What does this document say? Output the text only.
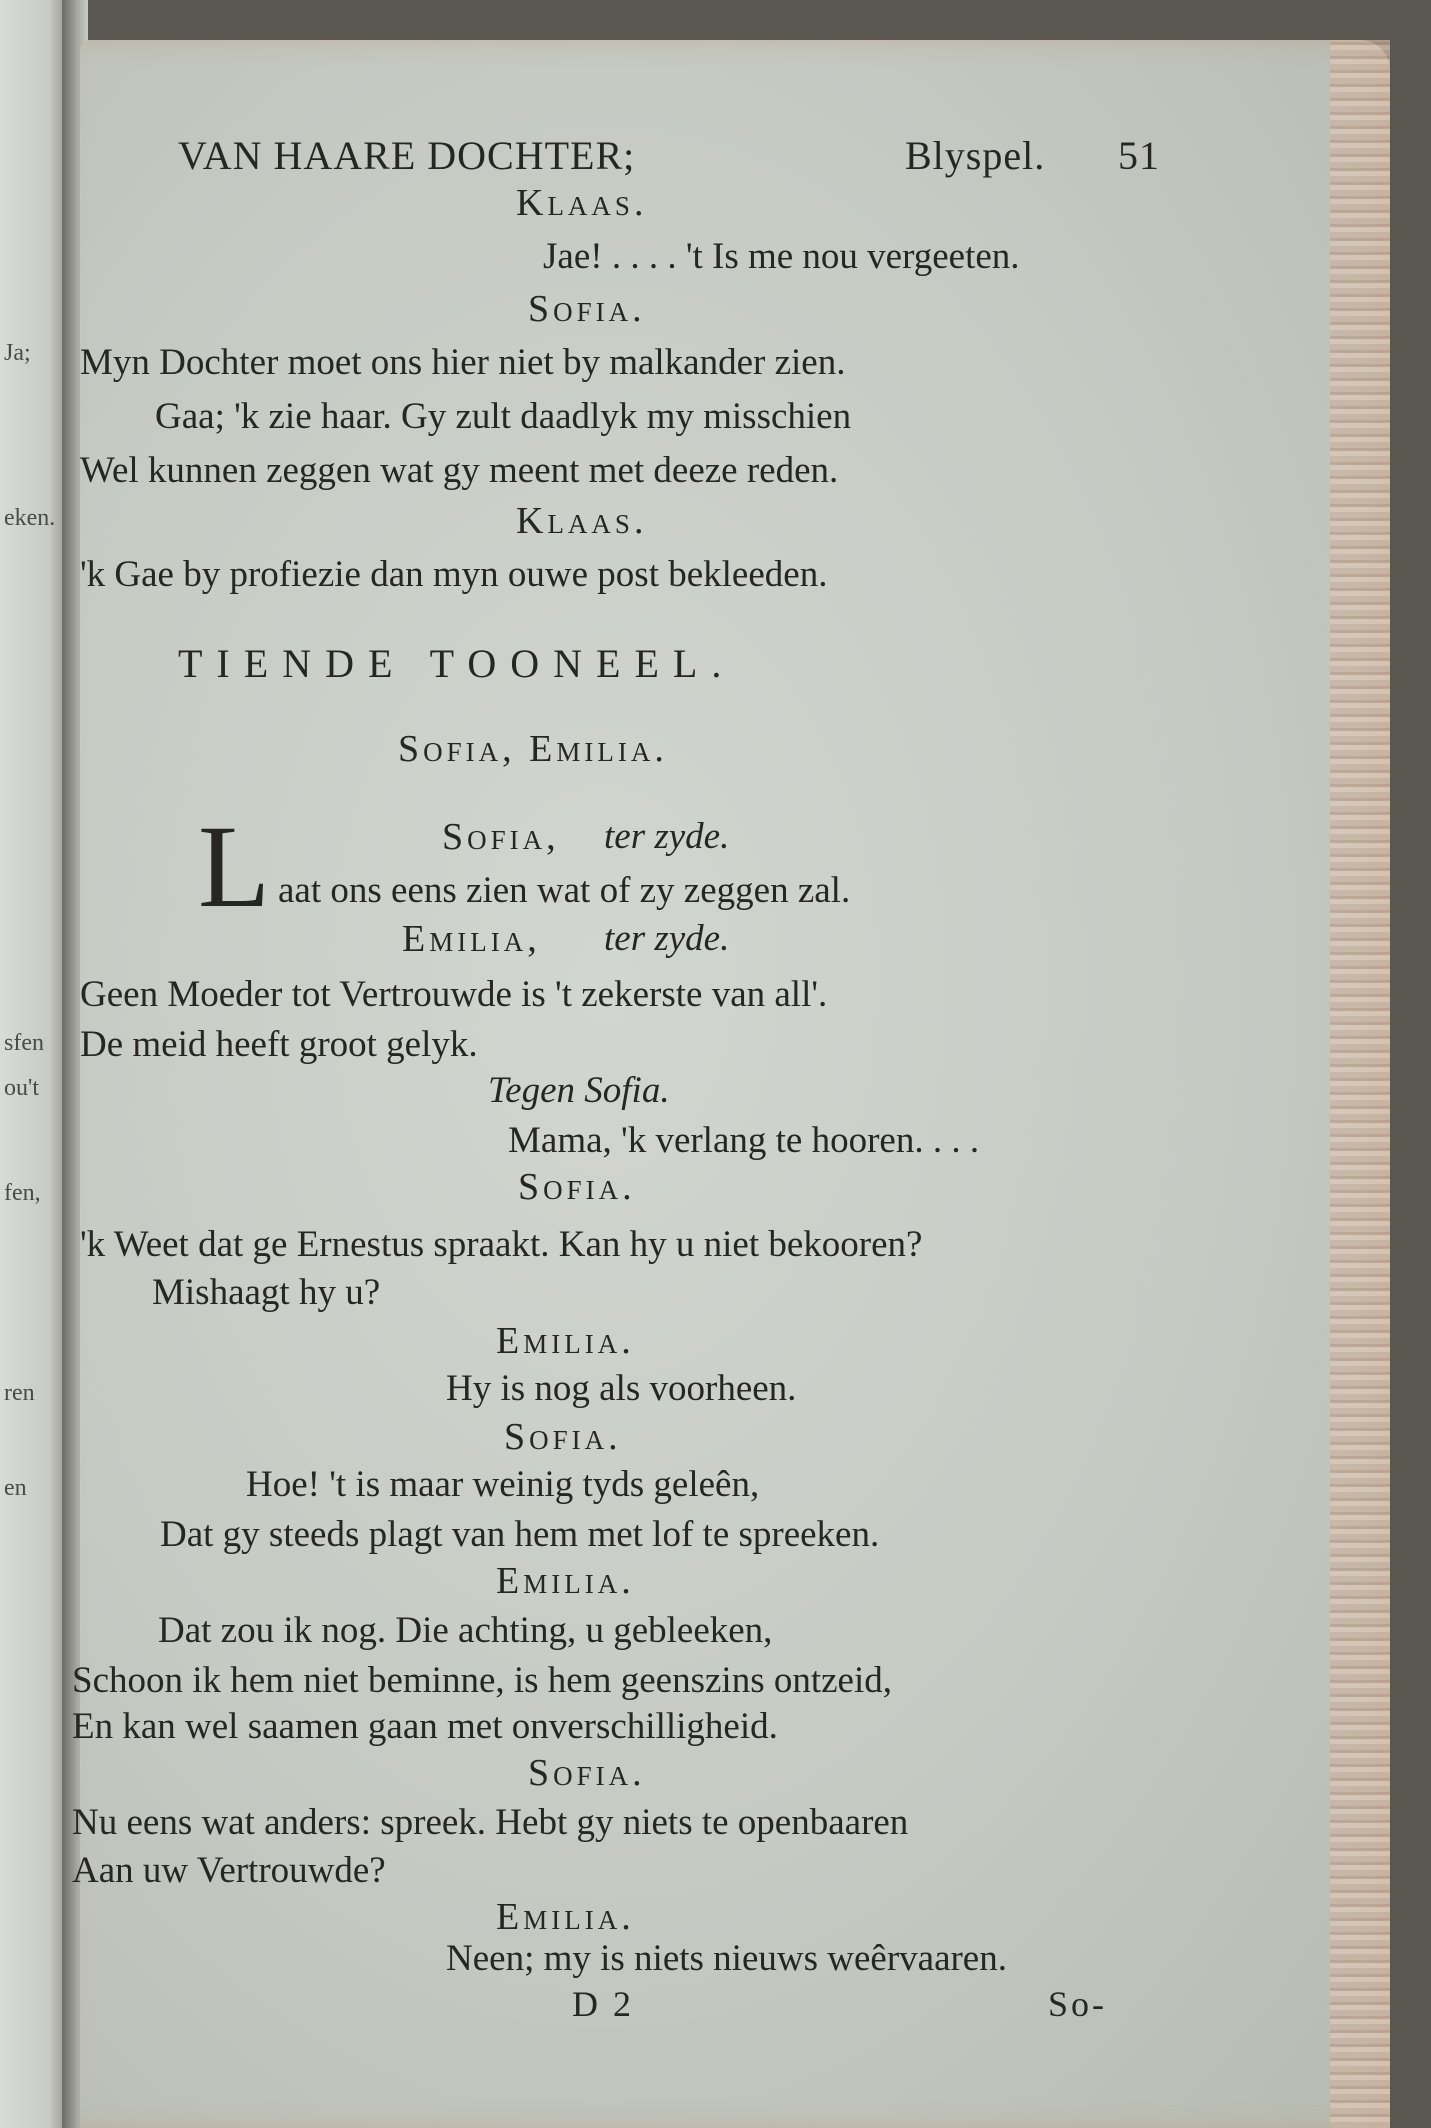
Ja;
eken.
sfen
ou't
fen,
ren
en
VAN HAARE DOCHTER;	Blyspel. 51
Klaas.
Jae! . . . . 't Is me nou vergeeten.
Sofia.
Myn Dochter moet ons hier niet by malkander zien.
Gaa; 'k zie haar. Gy zult daadlyk my misschien
Wel kunnen zeggen wat gy meent met deeze reden.
Klaas.
'k Gae by profiezie dan myn ouwe post bekleeden.
TIENDE TOONEEL.
Sofia, Emilia.
Sofia, ter zyde.
L aat ons eens zien wat of zy zeggen zal.
Emilia, ter zyde.
Geen Moeder tot Vertrouwde is 't zekerste van all'.
De meid heeft groot gelyk.
Tegen Sofia.
Mama, 'k verlang te hooren. . . .
Sofia.
'k Weet dat ge Ernestus spraakt. Kan hy u niet bekooren?
Mishaagt hy u?
Emilia.
Hy is nog als voorheen.
Sofia.
Hoe! 't is maar weinig tyds geleên,
Dat gy steeds plagt van hem met lof te spreeken.
Emilia.
Dat zou ik nog. Die achting, u gebleeken,
Schoon ik hem niet beminne, is hem geenszins ontzeid,
En kan wel saamen gaan met onverschilligheid.
Sofia.
Nu eens wat anders: spreek. Hebt gy niets te openbaaren
Aan uw Vertrouwde?
Emilia.
Neen; my is niets nieuws weêrvaaren.
D 2	So-
